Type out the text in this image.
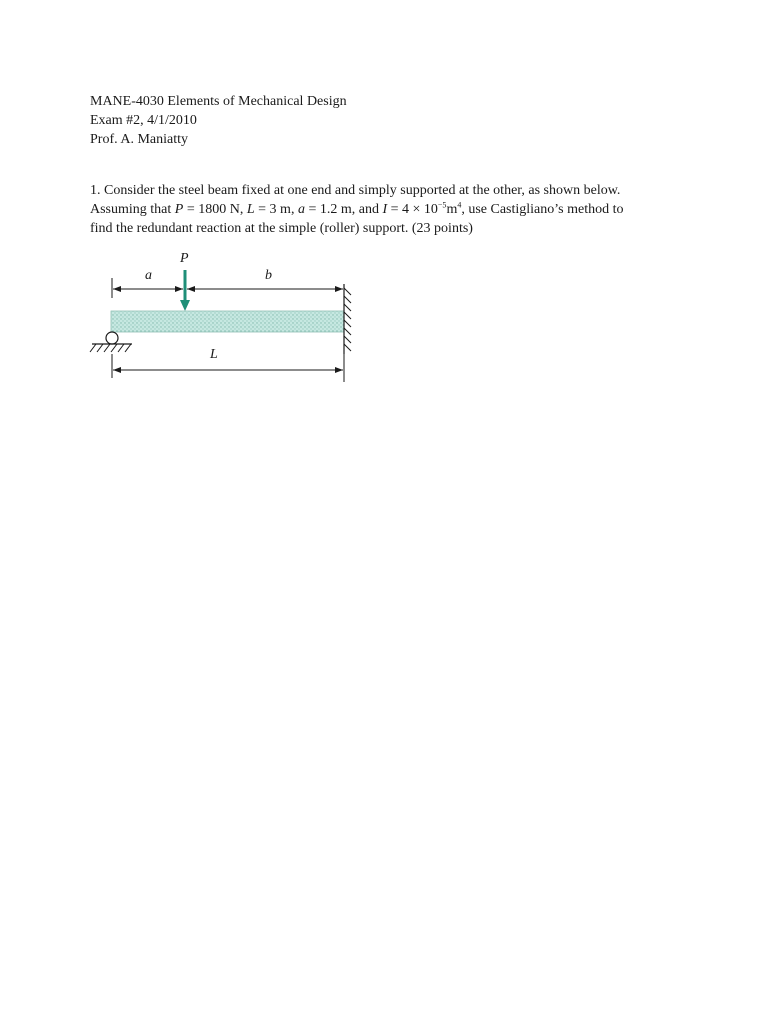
MANE-4030 Elements of Mechanical Design
Exam #2, 4/1/2010
Prof. A. Maniatty
1. Consider the steel beam fixed at one end and simply supported at the other, as shown below.
Assuming that P = 1800 N, L = 3 m, a = 1.2 m, and $I = 4 \times 10^{-5}m^4$, use Castigliano’s method to
find the redundant reaction at the simple (roller) support. (23 points)
P
a	b
L
